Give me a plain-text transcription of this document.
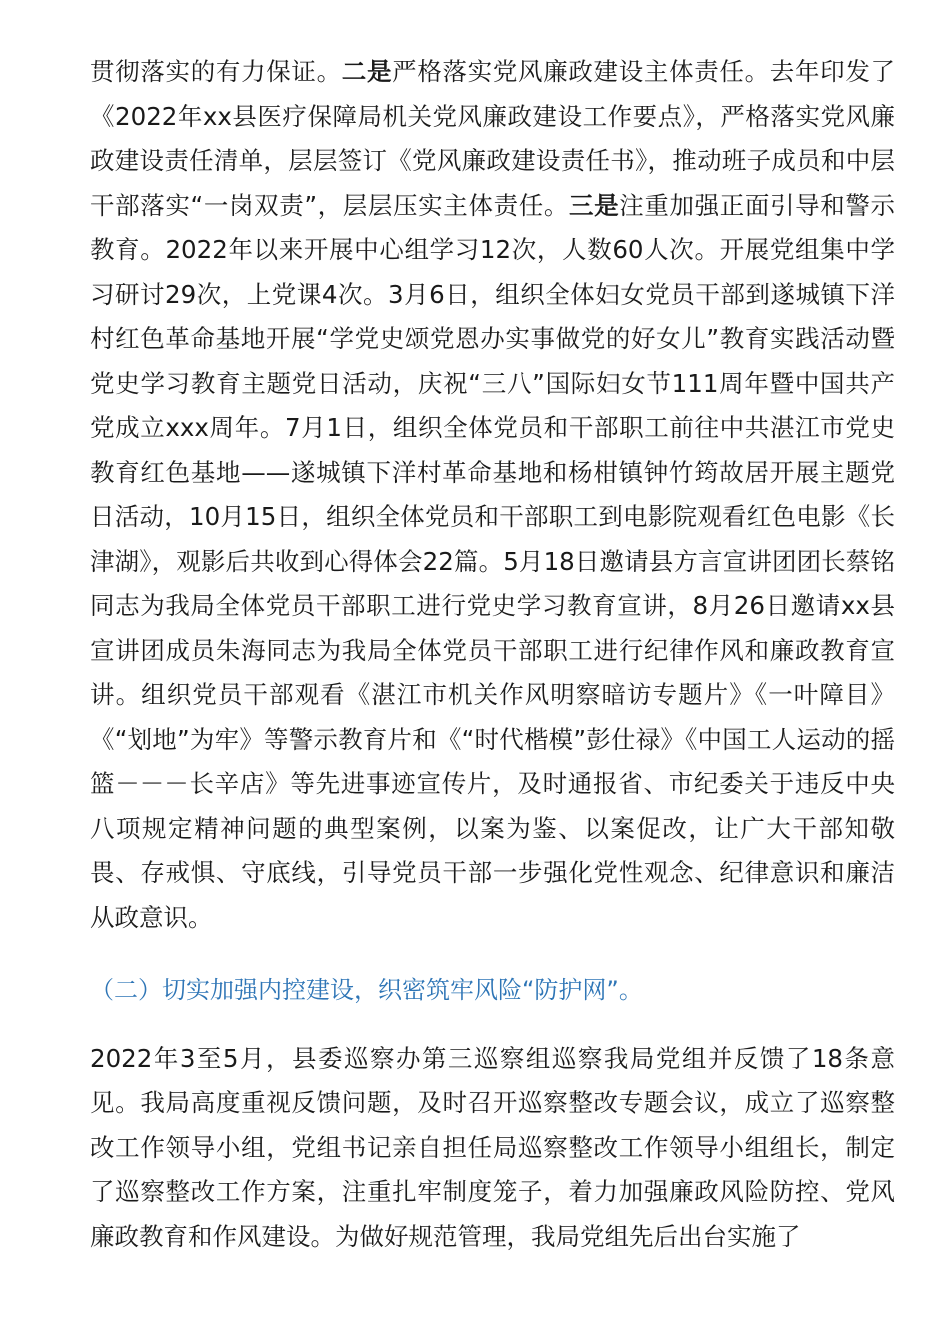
贯彻落实的有力保证。二是严格落实党风廉政建设主体责任。去年印发了《2022年xx县医疗保障局机关党风廉政建设工作要点》，严格落实党风廉政建设责任清单，层层签订《党风廉政建设责任书》，推动班子成员和中层干部落实“一岗双责”，层层压实主体责任。三是注重加强正面引导和警示教育。2022年以来开展中心组学习12次，人数60人次。开展党组集中学习研讨29次，上党课4次。3月6日，组织全体妇女党员干部到遂城镇下洋村红色革命基地开展“学党史颂党恩办实事做党的好女儿”教育实践活动暨党史学习教育主题党日活动，庆祝“三八”国际妇女节111周年暨中国共产党成立xxx周年。7月1日，组织全体党员和干部职工前往中共湛江市党史教育红色基地——遂城镇下洋村革命基地和杨柑镇钟竹筠故居开展主题党日活动，10月15日，组织全体党员和干部职工到电影院观看红色电影《长津湖》，观影后共收到心得体会22篇。5月18日邀请县方言宣讲团团长蔡铭同志为我局全体党员干部职工进行党史学习教育宣讲，8月26日邀请xx县宣讲团成员朱海同志为我局全体党员干部职工进行纪律作风和廉政教育宣讲。组织党员干部观看《湛江市机关作风明察暗访专题片》《一叶障目》《“划地”为牢》等警示教育片和《“时代楷模”彭仕禄》《中国工人运动的摇篮－－－长辛店》等先进事迹宣传片，及时通报省、市纪委关于违反中央八项规定精神问题的典型案例，以案为鉴、以案促改，让广大干部知敬畏、存戒惧、守底线，引导党员干部一步强化党性观念、纪律意识和廉洁从政意识。

（二）切实加强内控建设，织密筑牢风险“防护网”。

2022年3至5月，县委巡察办第三巡察组巡察我局党组并反馈了18条意见。我局高度重视反馈问题，及时召开巡察整改专题会议，成立了巡察整改工作领导小组，党组书记亲自担任局巡察整改工作领导小组组长，制定了巡察整改工作方案，注重扎牢制度笼子，着力加强廉政风险防控、党风廉政教育和作风建设。为做好规范管理，我局党组先后出台实施了
